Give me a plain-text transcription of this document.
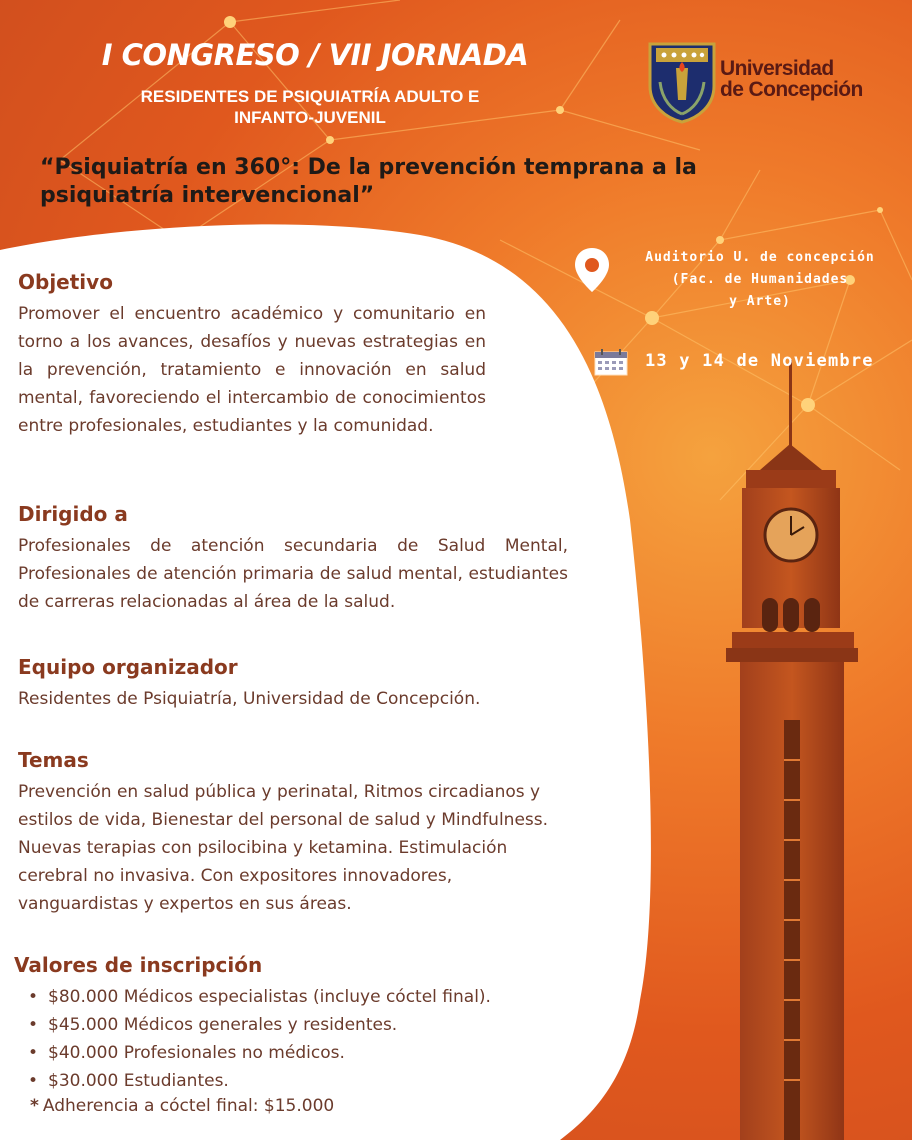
I CONGRESO / VII JORNADA
RESIDENTES DE PSIQUIATRÍA ADULTO E
INFANTO-JUVENIL
“Psiquiatría en 360°: De la prevención temprana a la
psiquiatría intervencional”
Universidad
de Concepción
Auditorio U. de concepción
(Fac. de Humanidades
y Arte)
13 y 14 de Noviembre
Objetivo
Promover el encuentro académico y comunitario en torno a los avances, desafíos y nuevas estrategias en la prevención, tratamiento e innovación en salud mental, favoreciendo el intercambio de conocimientos entre profesionales, estudiantes y la comunidad.
Dirigido a
Profesionales de atención secundaria de Salud Mental, Profesionales de atención primaria de salud mental, estudiantes de carreras relacionadas al área de la salud.
Equipo organizador
Residentes de Psiquiatría, Universidad de Concepción.
Temas
Prevención en salud pública y perinatal, Ritmos circadianos y
estilos de vida, Bienestar del personal de salud y Mindfulness.
Nuevas terapias con psilocibina y ketamina. Estimulación
cerebral no invasiva. Con expositores innovadores,
vanguardistas y expertos en sus áreas.
Valores de inscripción
• $80.000 Médicos especialistas (incluye cóctel final).
• $45.000 Médicos generales y residentes.
• $40.000 Profesionales no médicos.
• $30.000 Estudiantes.
* Adherencia a cóctel final: $15.000
